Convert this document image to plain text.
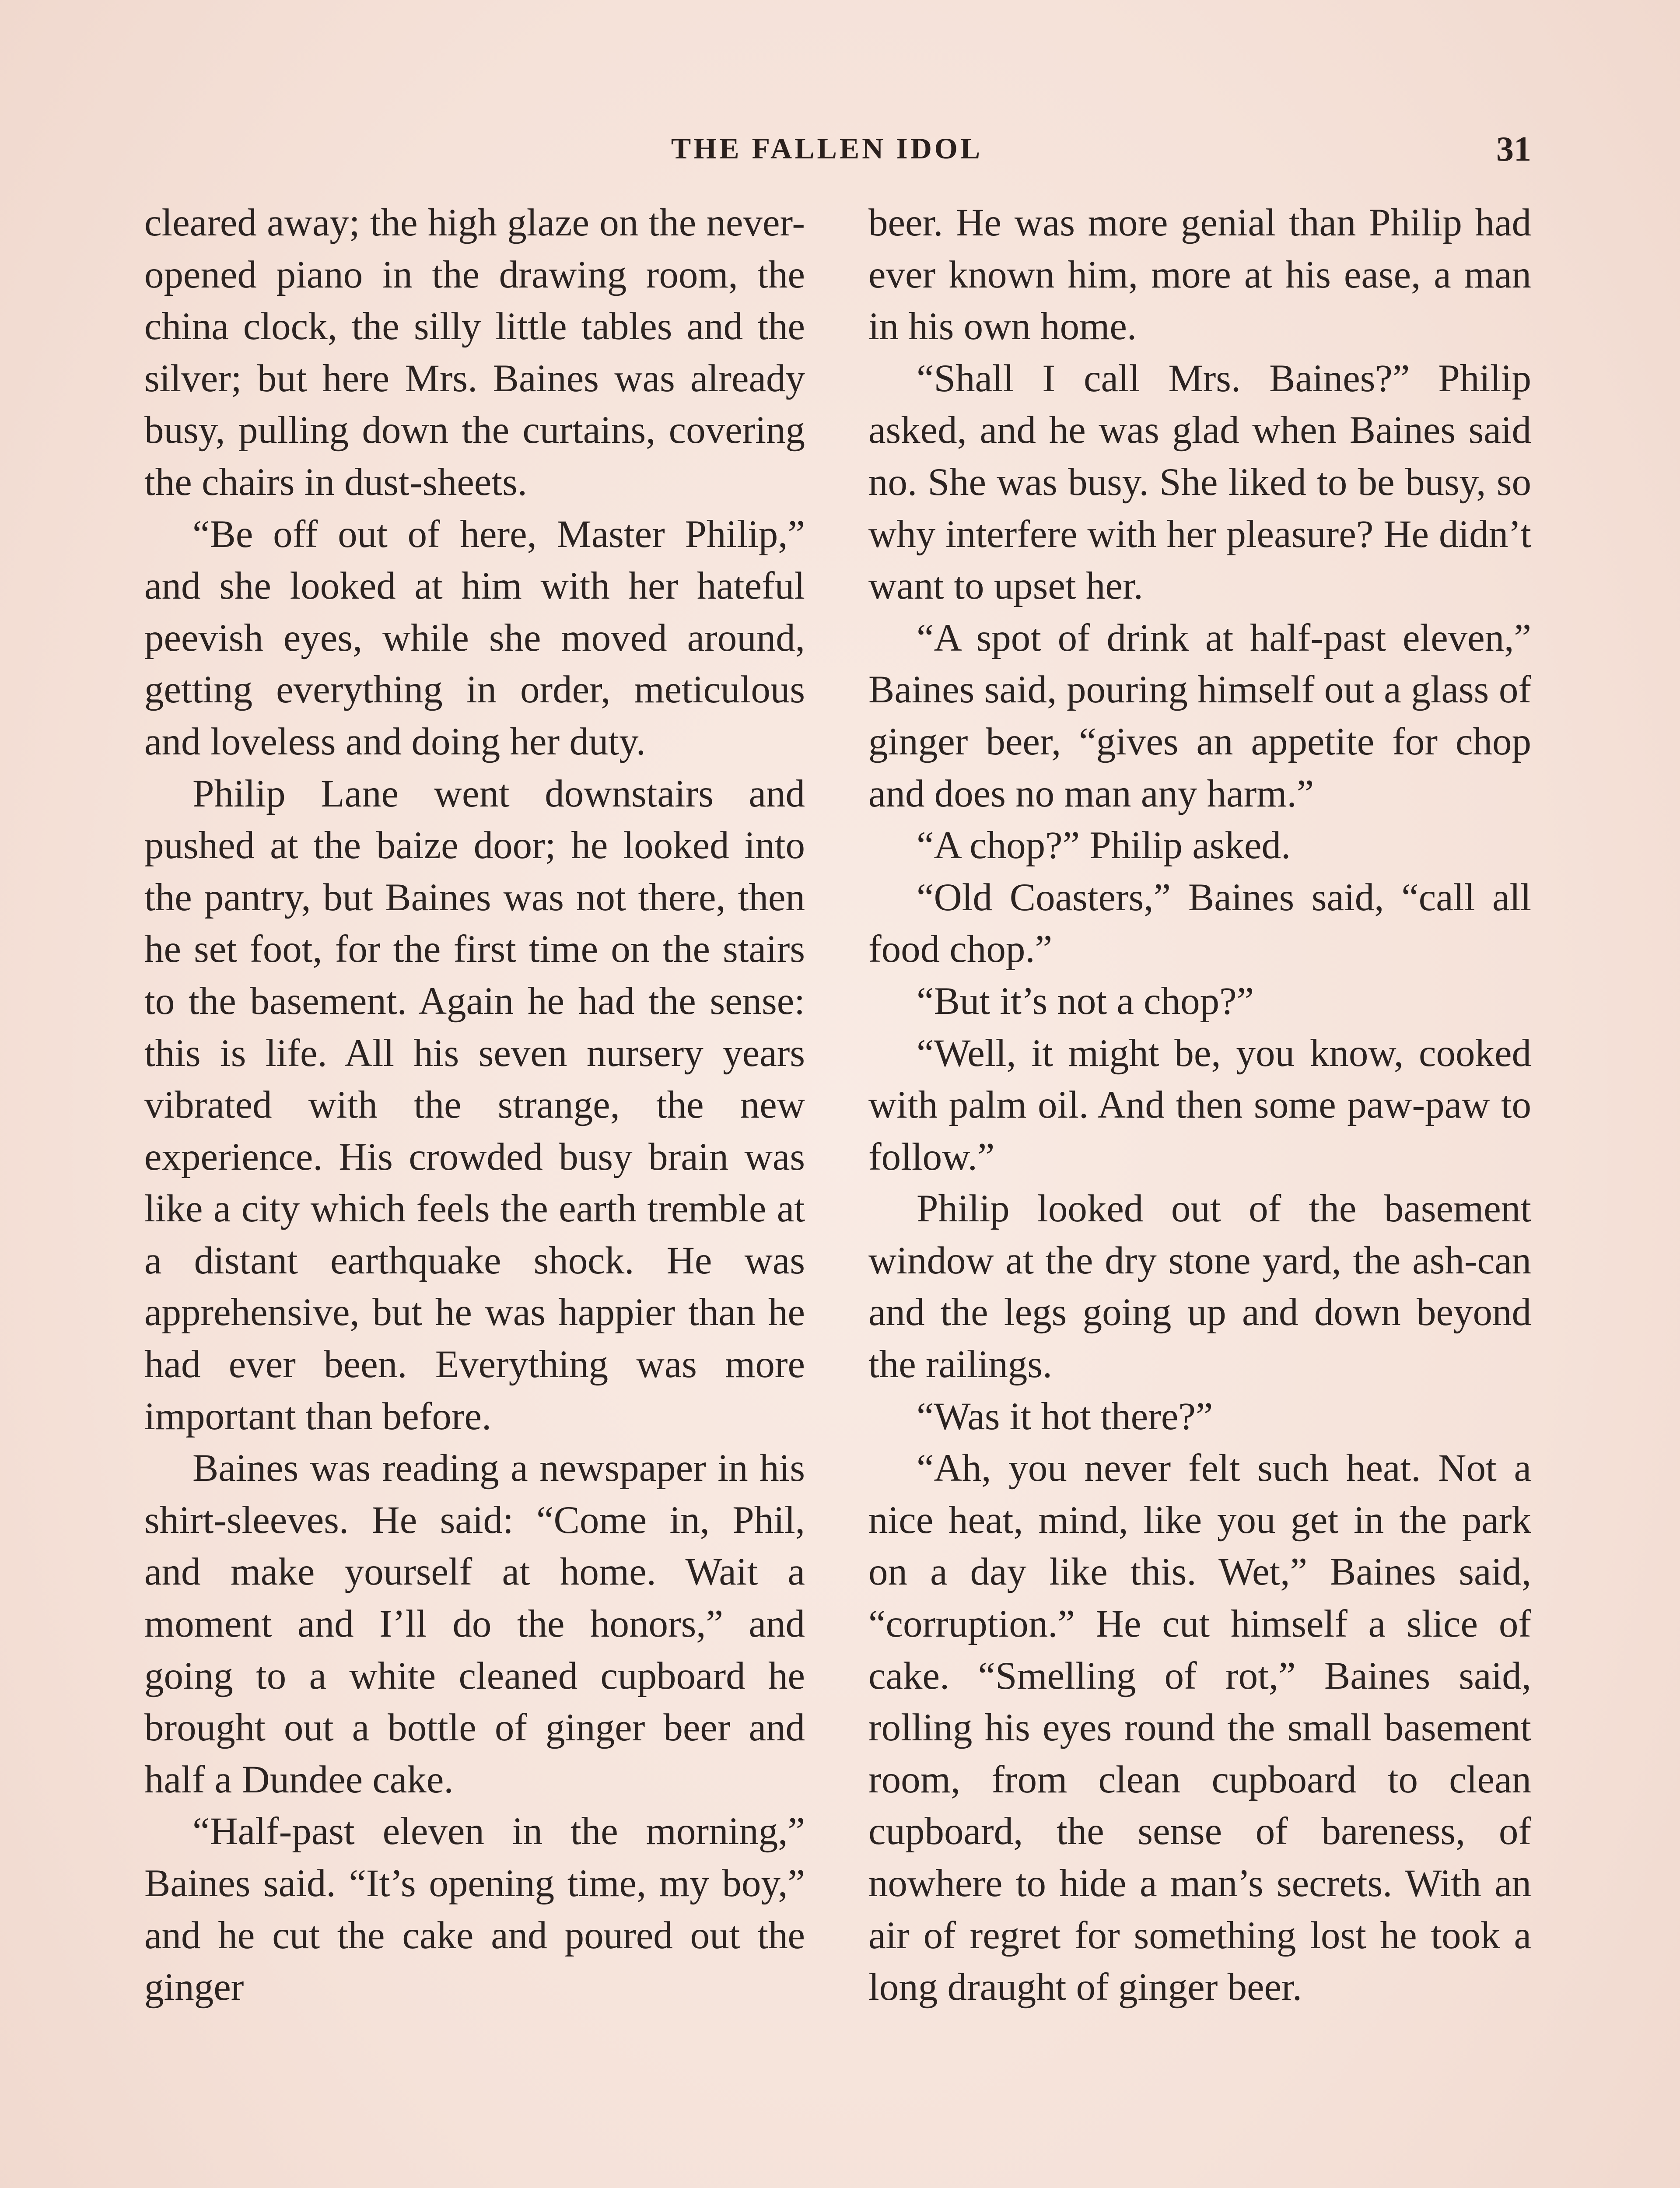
THE FALLEN IDOL	31

cleared away; the high glaze on the never-opened piano in the drawing room, the china clock, the silly little tables and the silver; but here Mrs. Baines was already busy, pulling down the curtains, covering the chairs in dust-sheets.

“Be off out of here, Master Philip,” and she looked at him with her hateful peevish eyes, while she moved around, getting everything in order, meticulous and loveless and doing her duty.

Philip Lane went downstairs and pushed at the baize door; he looked into the pantry, but Baines was not there, then he set foot, for the first time on the stairs to the basement. Again he had the sense: this is life. All his seven nursery years vibrated with the strange, the new experience. His crowded busy brain was like a city which feels the earth tremble at a distant earthquake shock. He was apprehensive, but he was happier than he had ever been. Everything was more important than before.

Baines was reading a newspaper in his shirt-sleeves. He said: “Come in, Phil, and make yourself at home. Wait a moment and I’ll do the honors,” and going to a white cleaned cupboard he brought out a bottle of ginger beer and half a Dundee cake.

“Half-past eleven in the morning,” Baines said. “It’s opening time, my boy,” and he cut the cake and poured out the ginger

beer. He was more genial than Philip had ever known him, more at his ease, a man in his own home.

“Shall I call Mrs. Baines?” Philip asked, and he was glad when Baines said no. She was busy. She liked to be busy, so why interfere with her pleasure? He didn’t want to upset her.

“A spot of drink at half-past eleven,” Baines said, pouring himself out a glass of ginger beer, “gives an appetite for chop and does no man any harm.”

“A chop?” Philip asked.

“Old Coasters,” Baines said, “call all food chop.”

“But it’s not a chop?”

“Well, it might be, you know, cooked with palm oil. And then some paw-paw to follow.”

Philip looked out of the basement window at the dry stone yard, the ash-can and the legs going up and down beyond the railings.

“Was it hot there?”

“Ah, you never felt such heat. Not a nice heat, mind, like you get in the park on a day like this. Wet,” Baines said, “corruption.” He cut himself a slice of cake. “Smelling of rot,” Baines said, rolling his eyes round the small basement room, from clean cupboard to clean cupboard, the sense of bareness, of nowhere to hide a man’s secrets. With an air of regret for something lost he took a long draught of ginger beer.
